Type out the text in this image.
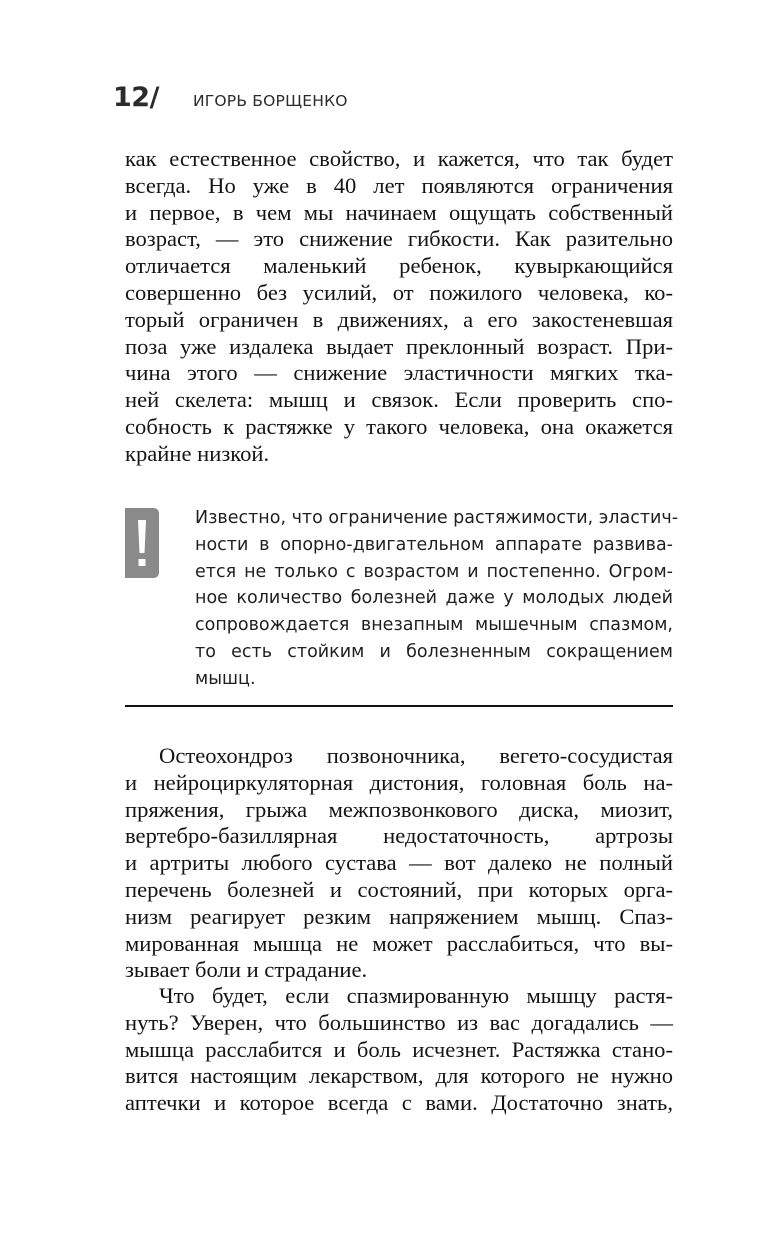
12/ ИГОРЬ БОРЩЕНКО

как естественное свойство, и кажется, что так будет
всегда. Но уже в 40 лет появляются ограничения
и первое, в чем мы начинаем ощущать собственный
возраст, — это снижение гибкости. Как разительно
отличается маленький ребенок, кувыркающийся
совершенно без усилий, от пожилого человека, ко-
торый ограничен в движениях, а его закостеневшая
поза уже издалека выдает преклонный возраст. При-
чина этого — снижение эластичности мягких тка-
ней скелета: мышц и связок. Если проверить спо-
собность к растяжке у такого человека, она окажется
крайне низкой.

Известно, что ограничение растяжимости, эластич-
ности в опорно-двигательном аппарате развива-
ется не только с возрастом и постепенно. Огром-
ное количество болезней даже у молодых людей
сопровождается внезапным мышечным спазмом,
то есть стойким и болезненным сокращением
мышц.

Остеохондроз позвоночника, вегето-сосудистая
и нейроциркуляторная дистония, головная боль на-
пряжения, грыжа межпозвонкового диска, миозит,
вертебро-базиллярная недостаточность, артрозы
и артриты любого сустава — вот далеко не полный
перечень болезней и состояний, при которых орга-
низм реагирует резким напряжением мышц. Спаз-
мированная мышца не может расслабиться, что вы-
зывает боли и страдание.

Что будет, если спазмированную мышцу растя-
нуть? Уверен, что большинство из вас догадались —
мышца расслабится и боль исчезнет. Растяжка стано-
вится настоящим лекарством, для которого не нужно
аптечки и которое всегда с вами. Достаточно знать,
